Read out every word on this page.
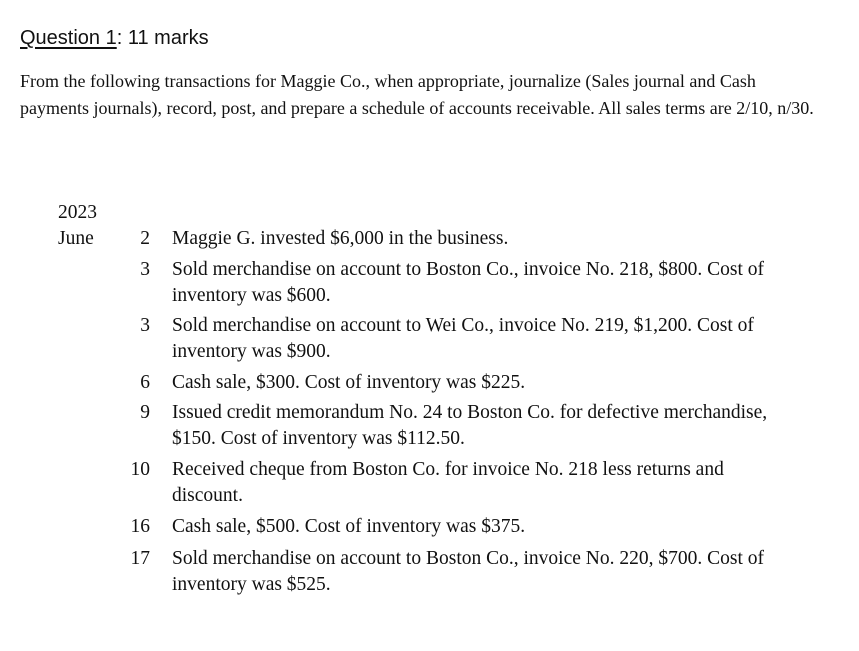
Question 1: 11 marks

From the following transactions for Maggie Co., when appropriate, journalize (Sales journal and Cash payments journals), record, post, and prepare a schedule of accounts receivable. All sales terms are 2/10, n/30.

2023
June	2 Maggie G. invested $6,000 in the business.
3 Sold merchandise on account to Boston Co., invoice No. 218, $800. Cost of inventory was $600.
3 Sold merchandise on account to Wei Co., invoice No. 219, $1,200. Cost of inventory was $900.
6 Cash sale, $300. Cost of inventory was $225.
9 Issued credit memorandum No. 24 to Boston Co. for defective merchandise, $150. Cost of inventory was $112.50.
10 Received cheque from Boston Co. for invoice No. 218 less returns and discount.
16 Cash sale, $500. Cost of inventory was $375.
17 Sold merchandise on account to Boston Co., invoice No. 220, $700. Cost of inventory was $525.
